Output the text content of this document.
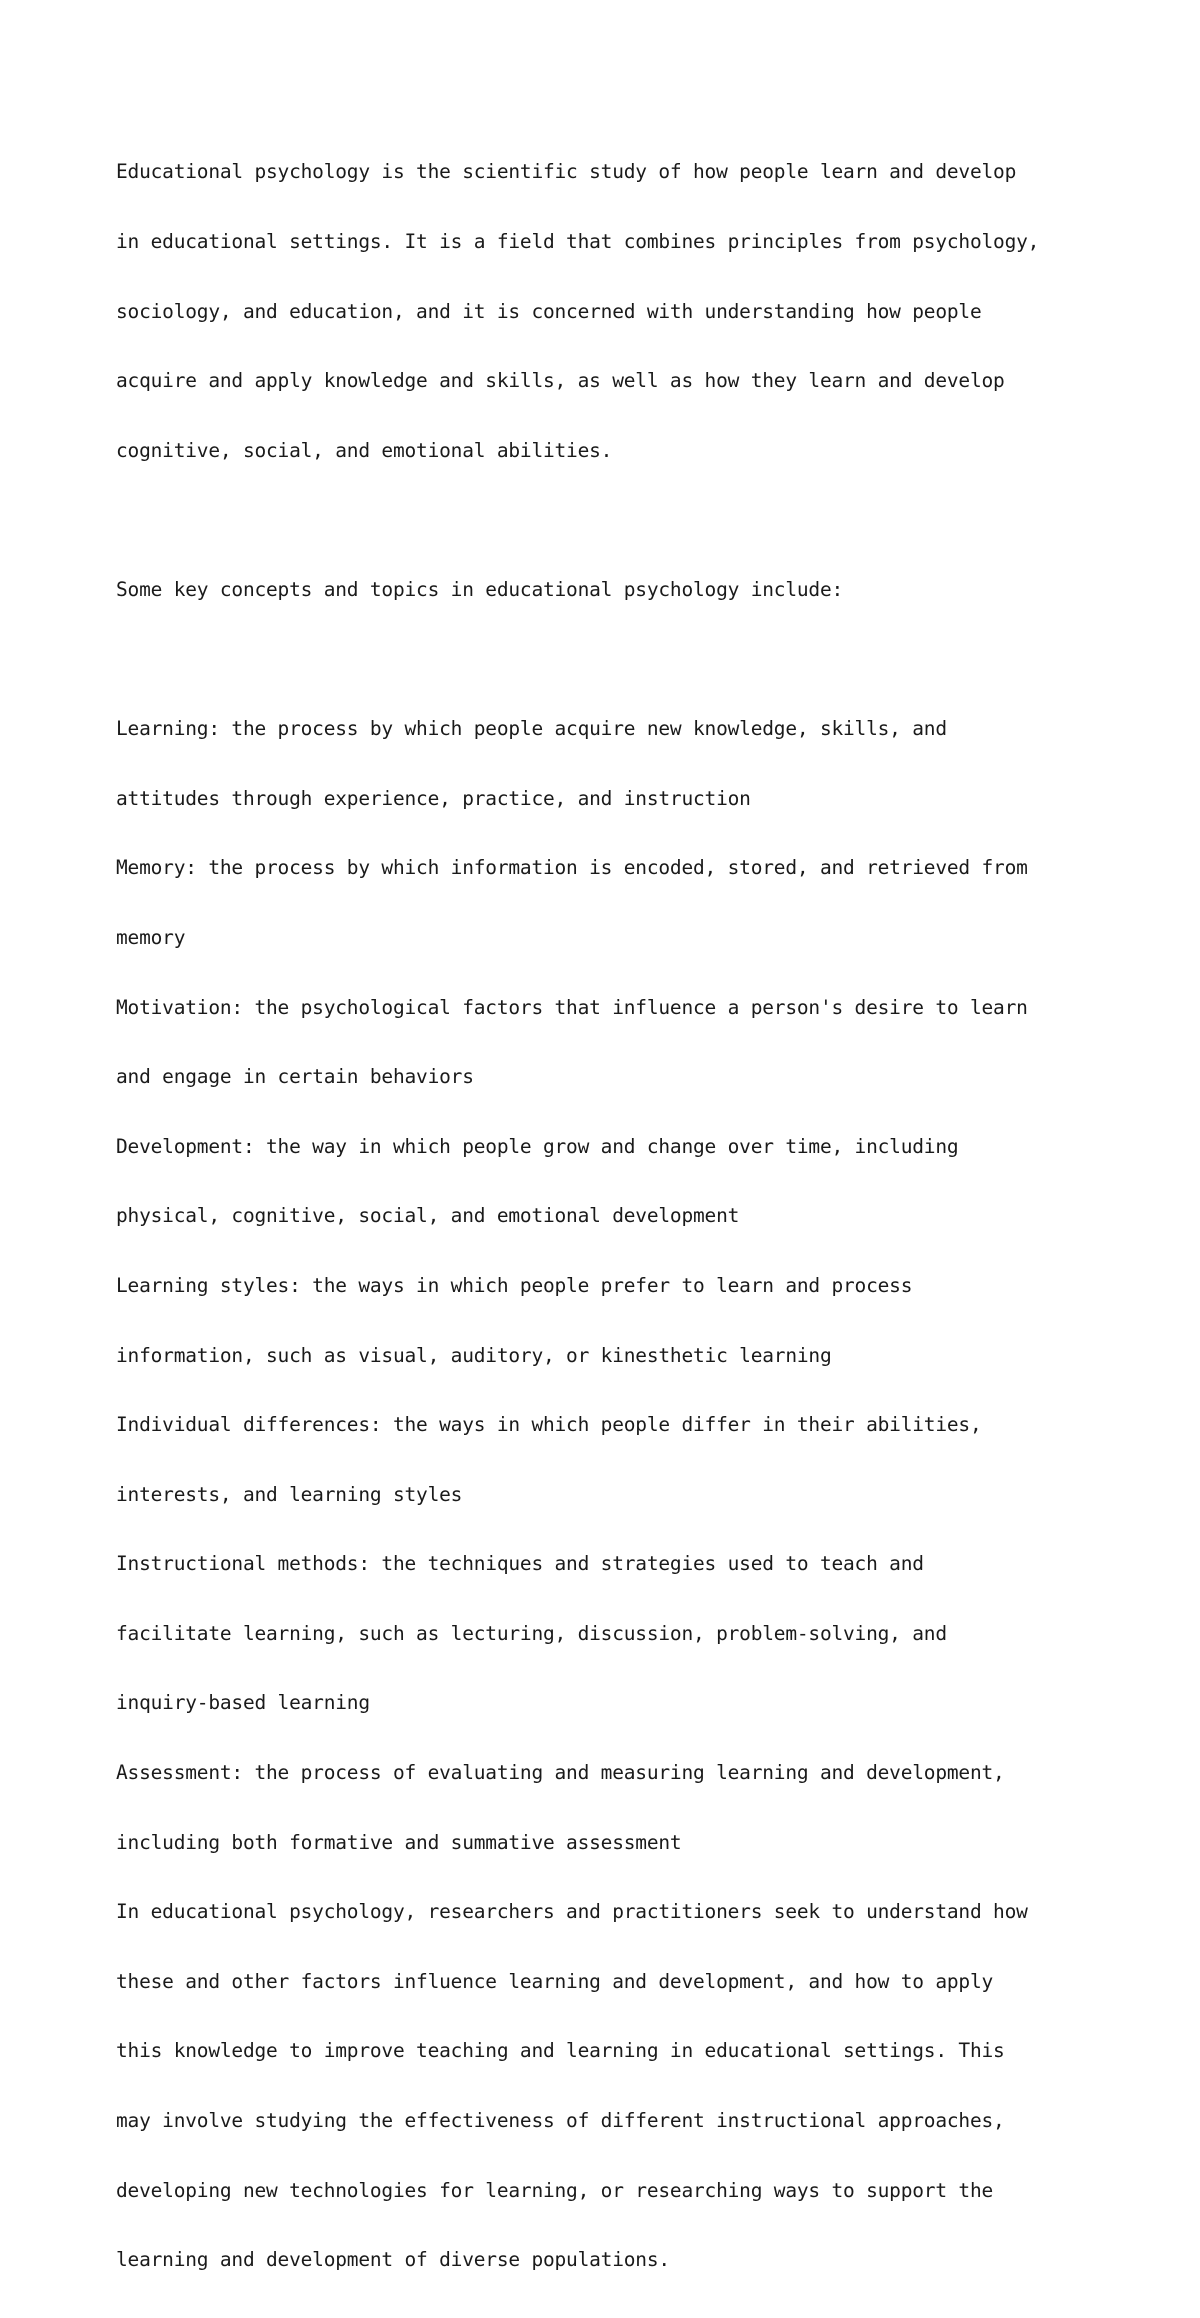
Educational psychology is the scientific study of how people learn and develop

in educational settings. It is a field that combines principles from psychology,

sociology, and education, and it is concerned with understanding how people

acquire and apply knowledge and skills, as well as how they learn and develop

cognitive, social, and emotional abilities.

Some key concepts and topics in educational psychology include:

Learning: the process by which people acquire new knowledge, skills, and

attitudes through experience, practice, and instruction

Memory: the process by which information is encoded, stored, and retrieved from

memory

Motivation: the psychological factors that influence a person's desire to learn

and engage in certain behaviors

Development: the way in which people grow and change over time, including

physical, cognitive, social, and emotional development

Learning styles: the ways in which people prefer to learn and process

information, such as visual, auditory, or kinesthetic learning

Individual differences: the ways in which people differ in their abilities,

interests, and learning styles

Instructional methods: the techniques and strategies used to teach and

facilitate learning, such as lecturing, discussion, problem-solving, and

inquiry-based learning

Assessment: the process of evaluating and measuring learning and development,

including both formative and summative assessment

In educational psychology, researchers and practitioners seek to understand how

these and other factors influence learning and development, and how to apply

this knowledge to improve teaching and learning in educational settings. This

may involve studying the effectiveness of different instructional approaches,

developing new technologies for learning, or researching ways to support the

learning and development of diverse populations.
